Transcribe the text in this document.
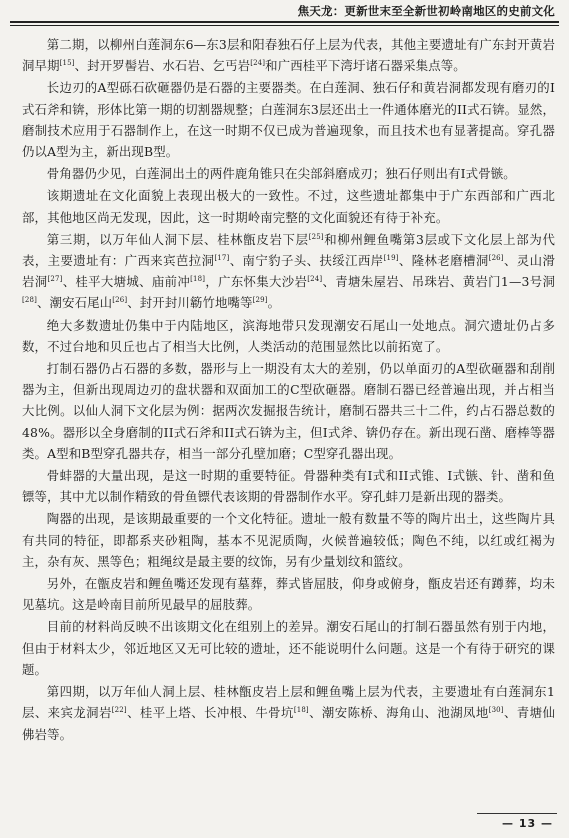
焦天龙：更新世末至全新世初岭南地区的史前文化

第二期，以柳州白莲洞东6—东3层和阳春独石仔上层为代表，其他主要遗址有广东封开黄岩洞早期[15]、封开罗髻岩、水石岩、乞丐岩[24]和广西桂平下湾圩诸石器采集点等。

长边刃的A型砾石砍砸器仍是石器的主要器类。在白莲洞、独石仔和黄岩洞都发现有磨刃的I式石斧和锛，形体比第一期的切割器规整；白莲洞东3层还出土一件通体磨光的II式石锛。显然，磨制技术应用于石器制作上，在这一时期不仅已成为普遍现象，而且技术也有显著提高。穿孔器仍以A型为主，新出现B型。

骨角器仍少见，白莲洞出土的两件鹿角锥只在尖部斜磨成刃；独石仔则出有I式骨镞。

该期遗址在文化面貌上表现出极大的一致性。不过，这些遗址都集中于广东西部和广西北部，其他地区尚无发现，因此，这一时期岭南完整的文化面貌还有待于补充。

第三期，以万年仙人洞下层、桂林甑皮岩下层[25]和柳州鲤鱼嘴第3层或下文化层上部为代表，主要遗址有：广西来宾芭拉洞[17]、南宁豹子头、扶绥江西岸[19]、隆林老磨槽洞[26]、灵山滑岩洞[27]、桂平大塘城、庙前冲[18]，广东怀集大沙岩[24]、青塘朱屋岩、吊珠岩、黄岩门1—3号洞[28]、潮安石尾山[26]、封开封川簕竹地嘴等[29]。

绝大多数遗址仍集中于内陆地区，滨海地带只发现潮安石尾山一处地点。洞穴遗址仍占多数，不过台地和贝丘也占了相当大比例，人类活动的范围显然比以前拓宽了。

打制石器仍占石器的多数，器形与上一期没有太大的差别，仍以单面刃的A型砍砸器和刮削器为主，但新出现周边刃的盘状器和双面加工的C型砍砸器。磨制石器已经普遍出现，并占相当大比例。以仙人洞下文化层为例：据两次发掘报告统计，磨制石器共三十二件，约占石器总数的48%。器形以全身磨制的II式石斧和II式石锛为主，但I式斧、锛仍存在。新出现石凿、磨棒等器类。A型和B型穿孔器共存，相当一部分孔壁加磨；C型穿孔器出现。

骨蚌器的大量出现，是这一时期的重要特征。骨器种类有I式和II式锥、I式镞、针、凿和鱼镖等，其中尤以制作精致的骨鱼镖代表该期的骨器制作水平。穿孔蚌刀是新出现的器类。

陶器的出现，是该期最重要的一个文化特征。遗址一般有数量不等的陶片出土，这些陶片具有共同的特征，即都系夹砂粗陶，基本不见泥质陶，火候普遍较低；陶色不纯，以红或红褐为主，杂有灰、黑等色；粗绳纹是最主要的纹饰，另有少量划纹和篮纹。

另外，在甑皮岩和鲤鱼嘴还发现有墓葬，葬式皆屈肢，仰身或俯身，甑皮岩还有蹲葬，均未见墓坑。这是岭南目前所见最早的屈肢葬。

目前的材料尚反映不出该期文化在组别上的差异。潮安石尾山的打制石器虽然有别于内地，但由于材料太少，邻近地区又无可比较的遗址，还不能说明什么问题。这是一个有待于研究的课题。

第四期，以万年仙人洞上层、桂林甑皮岩上层和鲤鱼嘴上层为代表，主要遗址有白莲洞东1层、来宾龙洞岩[22]、桂平上塔、长冲根、牛骨坑[18]、潮安陈桥、海角山、池湖凤地[30]、青塘仙佛岩等。

— 13 —
